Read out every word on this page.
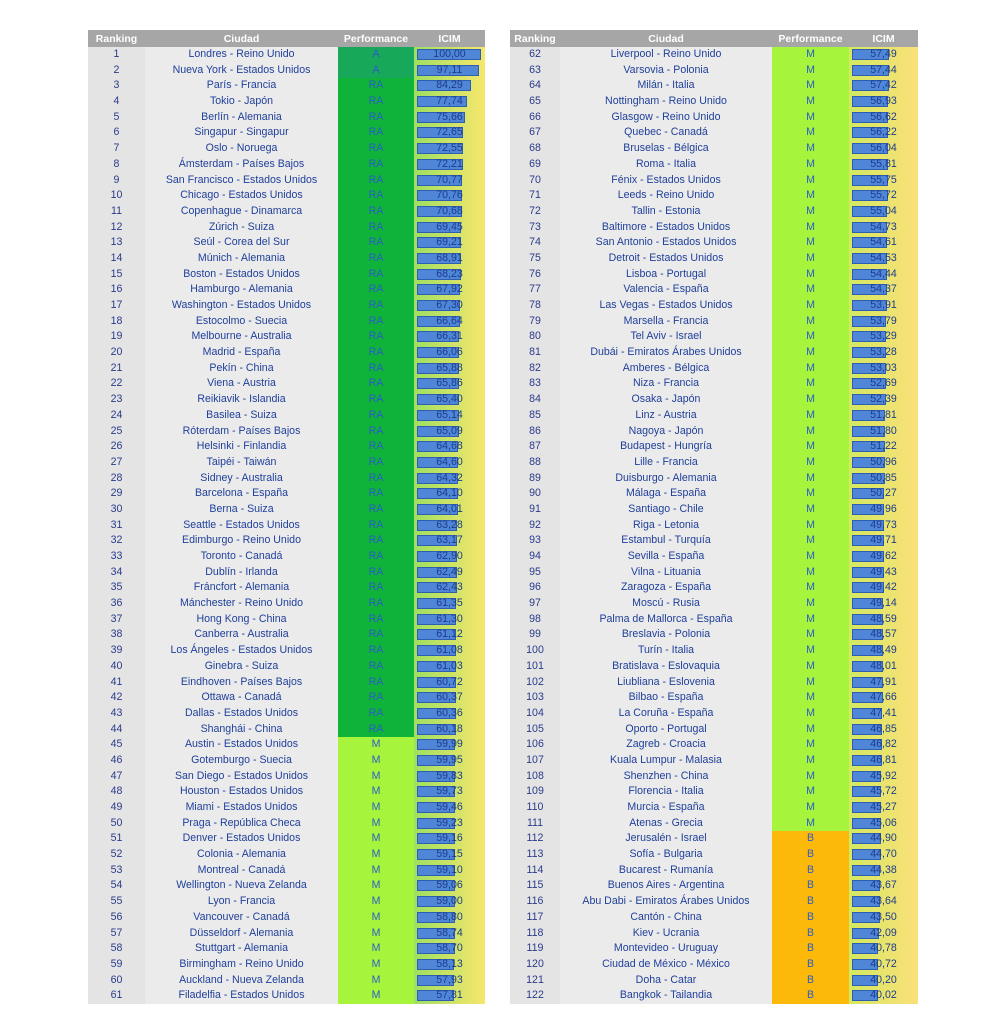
Ranking	Ciudad	Performance	ICIM
1	Londres - Reino Unido	A	100,00
2	Nueva York - Estados Unidos	A	97,11
3	París - Francia	RA	84,29
4	Tokio - Japón	RA	77,74
5	Berlín - Alemania	RA	75,66
6	Singapur - Singapur	RA	72,65
7	Oslo - Noruega	RA	72,55
8	Ámsterdam - Países Bajos	RA	72,21
9	San Francisco - Estados Unidos	RA	70,77
10	Chicago - Estados Unidos	RA	70,76
11	Copenhague - Dinamarca	RA	70,68
12	Zúrich - Suiza	RA	69,45
13	Seúl - Corea del Sur	RA	69,21
14	Múnich - Alemania	RA	68,91
15	Boston - Estados Unidos	RA	68,23
16	Hamburgo - Alemania	RA	67,92
17	Washington - Estados Unidos	RA	67,30
18	Estocolmo - Suecia	RA	66,64
19	Melbourne - Australia	RA	66,31
20	Madrid - España	RA	66,06
21	Pekín - China	RA	65,88
22	Viena - Austria	RA	65,86
23	Reikiavik - Islandia	RA	65,40
24	Basilea - Suiza	RA	65,14
25	Róterdam - Países Bajos	RA	65,09
26	Helsinki - Finlandia	RA	64,68
27	Taipéi - Taiwán	RA	64,60
28	Sidney - Australia	RA	64,32
29	Barcelona - España	RA	64,10
30	Berna - Suiza	RA	64,01
31	Seattle - Estados Unidos	RA	63,28
32	Edimburgo - Reino Unido	RA	63,17
33	Toronto - Canadá	RA	62,90
34	Dublín - Irlanda	RA	62,49
35	Fráncfort - Alemania	RA	62,43
36	Mánchester - Reino Unido	RA	61,35
37	Hong Kong - China	RA	61,30
38	Canberra - Australia	RA	61,12
39	Los Ángeles - Estados Unidos	RA	61,08
40	Ginebra - Suiza	RA	61,03
41	Eindhoven - Países Bajos	RA	60,72
42	Ottawa - Canadá	RA	60,37
43	Dallas - Estados Unidos	RA	60,36
44	Shanghái - China	RA	60,18
45	Austin - Estados Unidos	M	59,99
46	Gotemburgo - Suecia	M	59,95
47	San Diego - Estados Unidos	M	59,83
48	Houston - Estados Unidos	M	59,73
49	Miami - Estados Unidos	M	59,46
50	Praga - República Checa	M	59,23
51	Denver - Estados Unidos	M	59,16
52	Colonia - Alemania	M	59,15
53	Montreal - Canadá	M	59,10
54	Wellington - Nueva Zelanda	M	59,06
55	Lyon - Francia	M	59,00
56	Vancouver - Canadá	M	58,80
57	Düsseldorf - Alemania	M	58,74
58	Stuttgart - Alemania	M	58,70
59	Birmingham - Reino Unido	M	58,13
60	Auckland - Nueva Zelanda	M	57,93
61	Filadelfia - Estados Unidos	M	57,81
Ranking	Ciudad	Performance	ICIM
62	Liverpool - Reino Unido	M	57,49
63	Varsovia - Polonia	M	57,44
64	Milán - Italia	M	57,42
65	Nottingham - Reino Unido	M	56,93
66	Glasgow - Reino Unido	M	56,62
67	Quebec - Canadá	M	56,22
68	Bruselas - Bélgica	M	56,04
69	Roma - Italia	M	55,81
70	Fénix - Estados Unidos	M	55,75
71	Leeds - Reino Unido	M	55,72
72	Tallin - Estonia	M	55,04
73	Baltimore - Estados Unidos	M	54,73
74	San Antonio - Estados Unidos	M	54,61
75	Detroit - Estados Unidos	M	54,53
76	Lisboa - Portugal	M	54,44
77	Valencia - España	M	54,37
78	Las Vegas - Estados Unidos	M	53,91
79	Marsella - Francia	M	53,79
80	Tel Aviv - Israel	M	53,29
81	Dubái - Emiratos Árabes Unidos	M	53,28
82	Amberes - Bélgica	M	53,03
83	Niza - Francia	M	52,69
84	Osaka - Japón	M	52,39
85	Linz - Austria	M	51,81
86	Nagoya - Japón	M	51,80
87	Budapest - Hungría	M	51,22
88	Lille - Francia	M	50,96
89	Duisburgo - Alemania	M	50,85
90	Málaga - España	M	50,27
91	Santiago - Chile	M	49,96
92	Riga - Letonia	M	49,73
93	Estambul - Turquía	M	49,71
94	Sevilla - España	M	49,62
95	Vilna - Lituania	M	49,43
96	Zaragoza - España	M	49,42
97	Moscú - Rusia	M	49,14
98	Palma de Mallorca - España	M	48,59
99	Breslavia - Polonia	M	48,57
100	Turín - Italia	M	48,49
101	Bratislava - Eslovaquia	M	48,01
102	Liubliana - Eslovenia	M	47,91
103	Bilbao - España	M	47,66
104	La Coruña - España	M	47,41
105	Oporto - Portugal	M	46,85
106	Zagreb - Croacia	M	46,82
107	Kuala Lumpur - Malasia	M	46,81
108	Shenzhen - China	M	45,92
109	Florencia - Italia	M	45,72
110	Murcia - España	M	45,27
111	Atenas - Grecia	M	45,06
112	Jerusalén - Israel	B	44,90
113	Sofía - Bulgaria	B	44,70
114	Bucarest - Rumanía	B	44,38
115	Buenos Aires - Argentina	B	43,67
116	Abu Dabi - Emiratos Árabes Unidos	B	43,64
117	Cantón - China	B	43,50
118	Kiev - Ucrania	B	42,09
119	Montevideo - Uruguay	B	40,78
120	Ciudad de México - México	B	40,72
121	Doha - Catar	B	40,20
122	Bangkok - Tailandia	B	40,02
